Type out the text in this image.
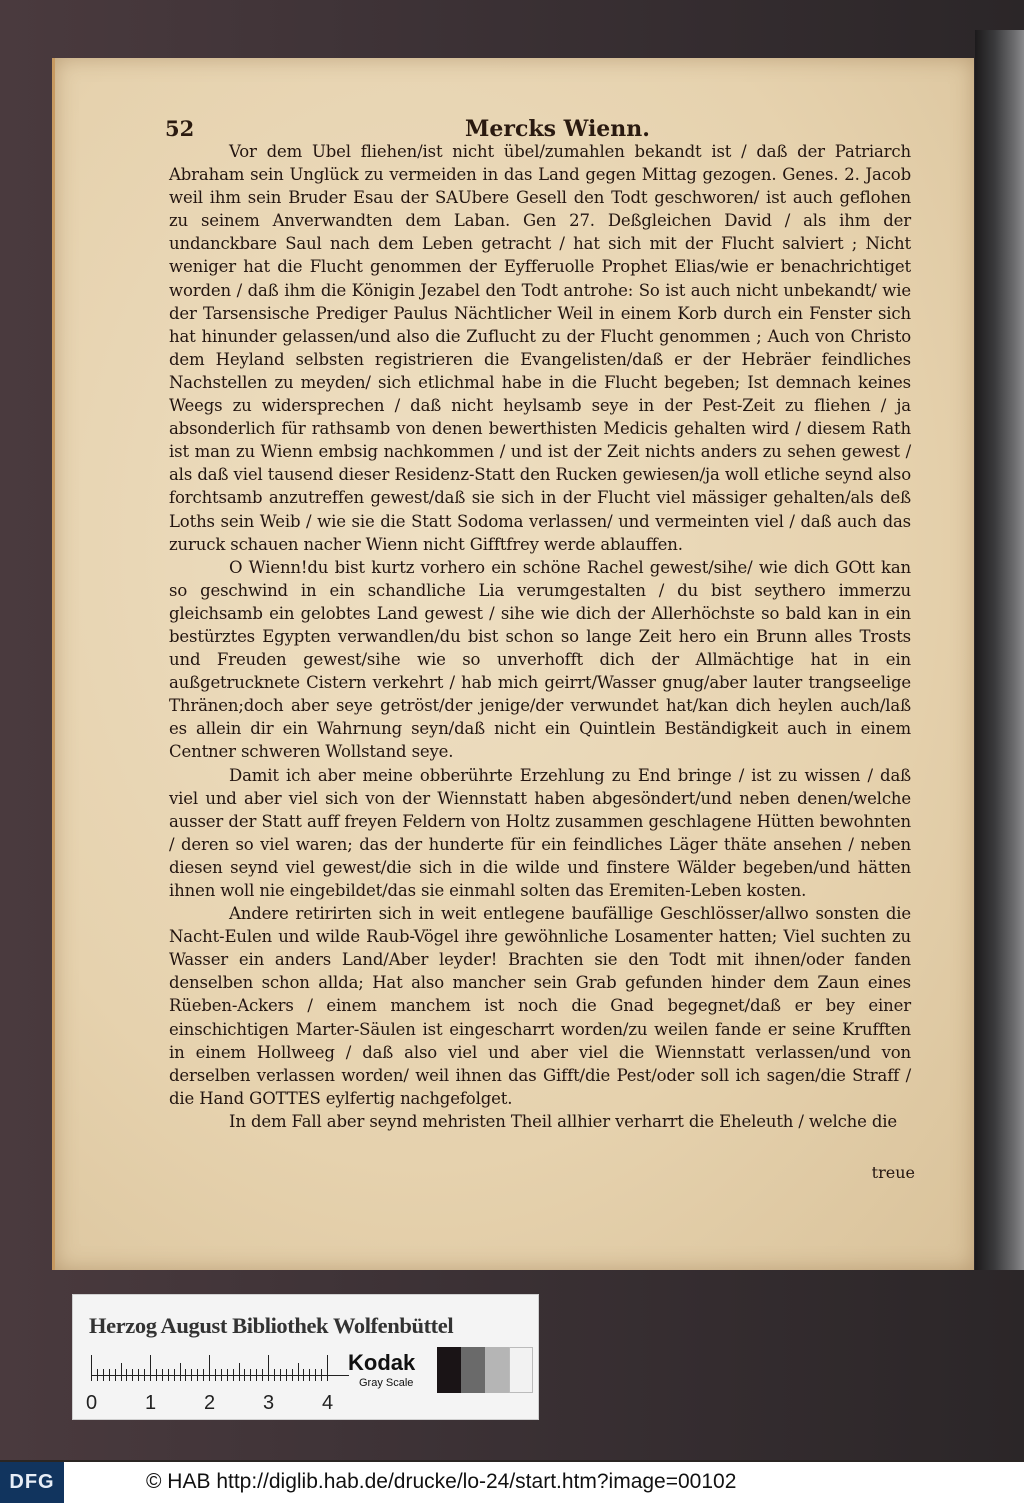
52	Mercks Wienn.

Vor dem Ubel fliehen/ist nicht übel/zumahlen bekandt ist / daß der Patriarch Abraham sein Unglück zu vermeiden in das Land gegen Mittag gezogen. Genes. 2. Jacob weil ihm sein Bruder Esau der SAUbere Gesell den Todt geschworen/ ist auch geflohen zu seinem Anverwandten dem Laban. Gen 27. Deßgleichen David / als ihm der undanckbare Saul nach dem Leben getracht / hat sich mit der Flucht salviert ; Nicht weniger hat die Flucht genommen der Eyfferuolle Prophet Elias/wie er benachrichtiget worden / daß ihm die Königin Jezabel den Todt antrohe: So ist auch nicht unbekandt/ wie der Tarsensische Prediger Paulus Nächtlicher Weil in einem Korb durch ein Fenster sich hat hinunder gelassen/und also die Zuflucht zu der Flucht genommen ; Auch von Christo dem Heyland selbsten registrieren die Evangelisten/daß er der Hebräer feindliches Nachstellen zu meyden/ sich etlichmal habe in die Flucht begeben; Ist demnach keines Weegs zu widersprechen / daß nicht heylsamb seye in der Pest-Zeit zu fliehen / ja absonderlich für rathsamb von denen bewerthisten Medicis gehalten wird / diesem Rath ist man zu Wienn embsig nachkommen / und ist der Zeit nichts anders zu sehen gewest / als daß viel tausend dieser Residenz-Statt den Rucken gewiesen/ja woll etliche seynd also forchtsamb anzutreffen gewest/daß sie sich in der Flucht viel mässiger gehalten/als deß Loths sein Weib / wie sie die Statt Sodoma verlassen/ und vermeinten viel / daß auch das zuruck schauen nacher Wienn nicht Gifftfrey werde ablauffen.

O Wienn!du bist kurtz vorhero ein schöne Rachel gewest/sihe/ wie dich GOtt kan so geschwind in ein schandliche Lia verumgestalten / du bist seythero immerzu gleichsamb ein gelobtes Land gewest / sihe wie dich der Allerhöchste so bald kan in ein bestürztes Egypten verwandlen/du bist schon so lange Zeit hero ein Brunn alles Trosts und Freuden gewest/sihe wie so unverhofft dich der Allmächtige hat in ein außgetrucknete Cistern verkehrt / hab mich geirrt/Wasser gnug/aber lauter trangseelige Thränen;doch aber seye getröst/der jenige/der verwundet hat/kan dich heylen auch/laß es allein dir ein Wahrnung seyn/daß nicht ein Quintlein Beständigkeit auch in einem Centner schweren Wollstand seye.

Damit ich aber meine obberührte Erzehlung zu End bringe / ist zu wissen / daß viel und aber viel sich von der Wiennstatt haben abgesöndert/und neben denen/welche ausser der Statt auff freyen Feldern von Holtz zusammen geschlagene Hütten bewohnten / deren so viel waren; das der hunderte für ein feindliches Läger thäte ansehen / neben diesen seynd viel gewest/die sich in die wilde und finstere Wälder begeben/und hätten ihnen woll nie eingebildet/das sie einmahl solten das Eremiten-Leben kosten.

Andere retirirten sich in weit entlegene baufällige Geschlösser/allwo sonsten die Nacht-Eulen und wilde Raub-Vögel ihre gewöhnliche Losamenter hatten; Viel suchten zu Wasser ein anders Land/Aber leyder! Brachten sie den Todt mit ihnen/oder fanden denselben schon allda; Hat also mancher sein Grab gefunden hinder dem Zaun eines Rüeben-Ackers / einem manchem ist noch die Gnad begegnet/daß er bey einer einschichtigen Marter-Säulen ist eingescharrt worden/zu weilen fande er seine Krufften in einem Hollweeg / daß also viel und aber viel die Wiennstatt verlassen/und von derselben verlassen worden/ weil ihnen das Gifft/die Pest/oder soll ich sagen/die Straff / die Hand GOTTES eylfertig nachgefolget.

In dem Fall aber seynd mehristen Theil allhier verharrt die Eheleuth / welche die

treue
Herzog August Bibliothek Wolfenbüttel
0 1 2 3 4
Kodak
Gray Scale
DFG	© HAB http://diglib.hab.de/drucke/lo-24/start.htm?image=00102
